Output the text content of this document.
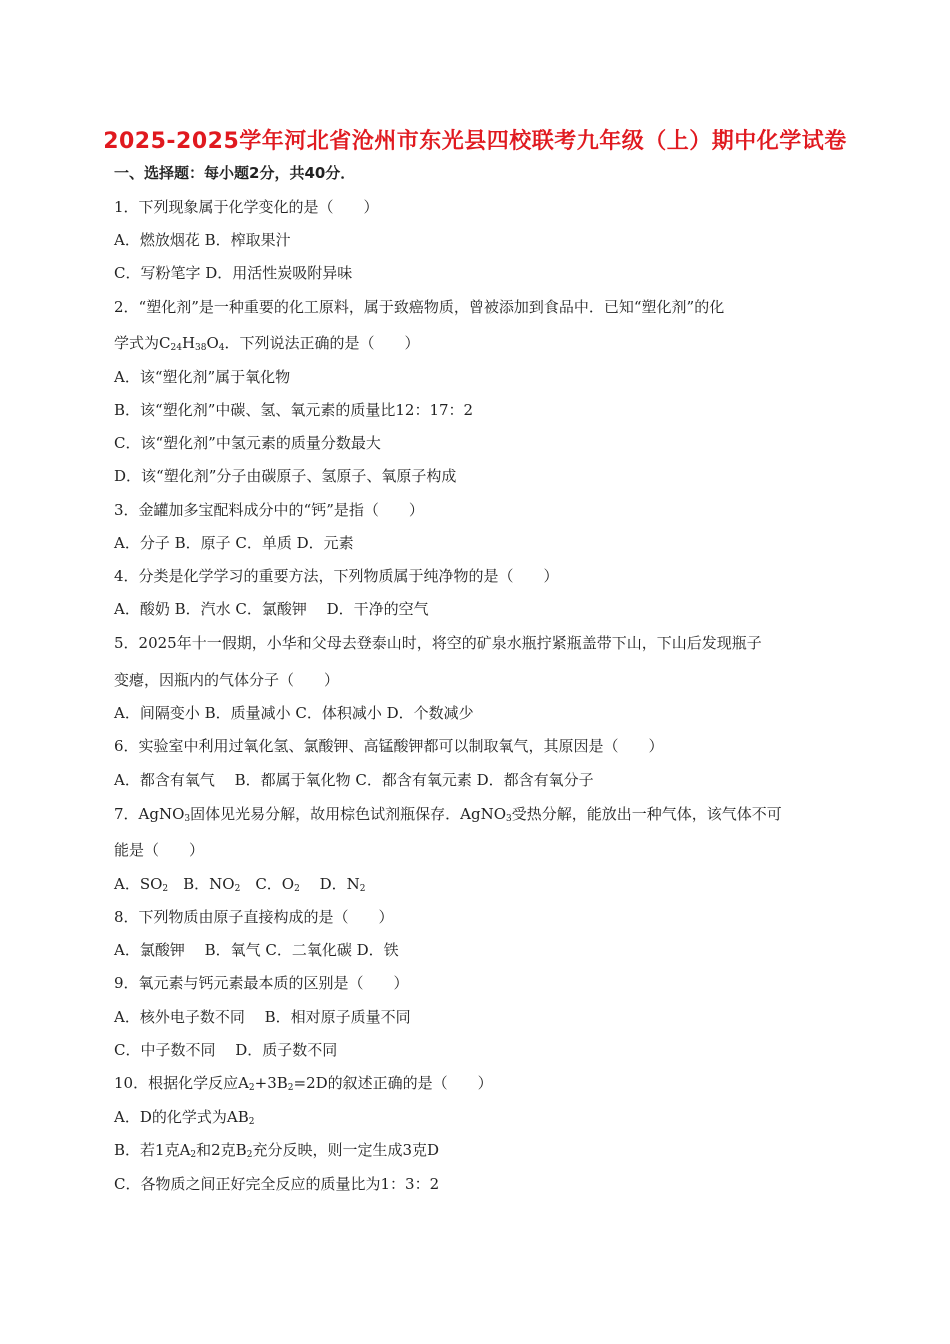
2025-2025学年河北省沧州市东光县四校联考九年级（上）期中化学试卷
一、选择题：每小题2分，共40分．
1．下列现象属于化学变化的是（　　）
A．燃放烟花 B．榨取果汁
C．写粉笔字 D．用活性炭吸附异味
2．“塑化剂”是一种重要的化工原料，属于致癌物质，曾被添加到食品中．已知“塑化剂”的化
学式为$C_{24}H_{38}O_4$．下列说法正确的是（　　）
A．该“塑化剂”属于氧化物
B．该“塑化剂”中碳、氢、氧元素的质量比12：17：2
C．该“塑化剂”中氢元素的质量分数最大
D．该“塑化剂”分子由碳原子、氢原子、氧原子构成
3．金罐加多宝配料成分中的“钙”是指（　　）
A．分子 B．原子 C．单质 D．元素
4．分类是化学学习的重要方法，下列物质属于纯净物的是（　　）
A．酸奶 B．汽水 C．氯酸钾　 D．干净的空气
5．2025年十一假期，小华和父母去登泰山时，将空的矿泉水瓶拧紧瓶盖带下山，下山后发现瓶子
变瘪，因瓶内的气体分子（　　）
A．间隔变小 B．质量减小 C．体积减小 D．个数减少
6．实验室中利用过氧化氢、氯酸钾、高锰酸钾都可以制取氧气，其原因是（　　）
A．都含有氧气　 B．都属于氧化物 C．都含有氧元素 D．都含有氧分子
7．AgNO$_3$固体见光易分解，故用棕色试剂瓶保存．AgNO$_3$受热分解，能放出一种气体，该气体不可
能是（　　）
A．$SO_2$　B．$NO_2$　C．$O_2$　 D．$N_2$
8．下列物质由原子直接构成的是（　　）
A．氯酸钾　 B．氧气 C．二氧化碳 D．铁
9．氧元素与钙元素最本质的区别是（　　）
A．核外电子数不同　 B．相对原子质量不同
C．中子数不同　 D．质子数不同
10．根据化学反应$A_2+3B_2=2D$的叙述正确的是（　　）
A．D的化学式为$AB_2$
B．若1克$A_2$和2克$B_2$充分反映，则一定生成3克D
C．各物质之间正好完全反应的质量比为1：3：2
